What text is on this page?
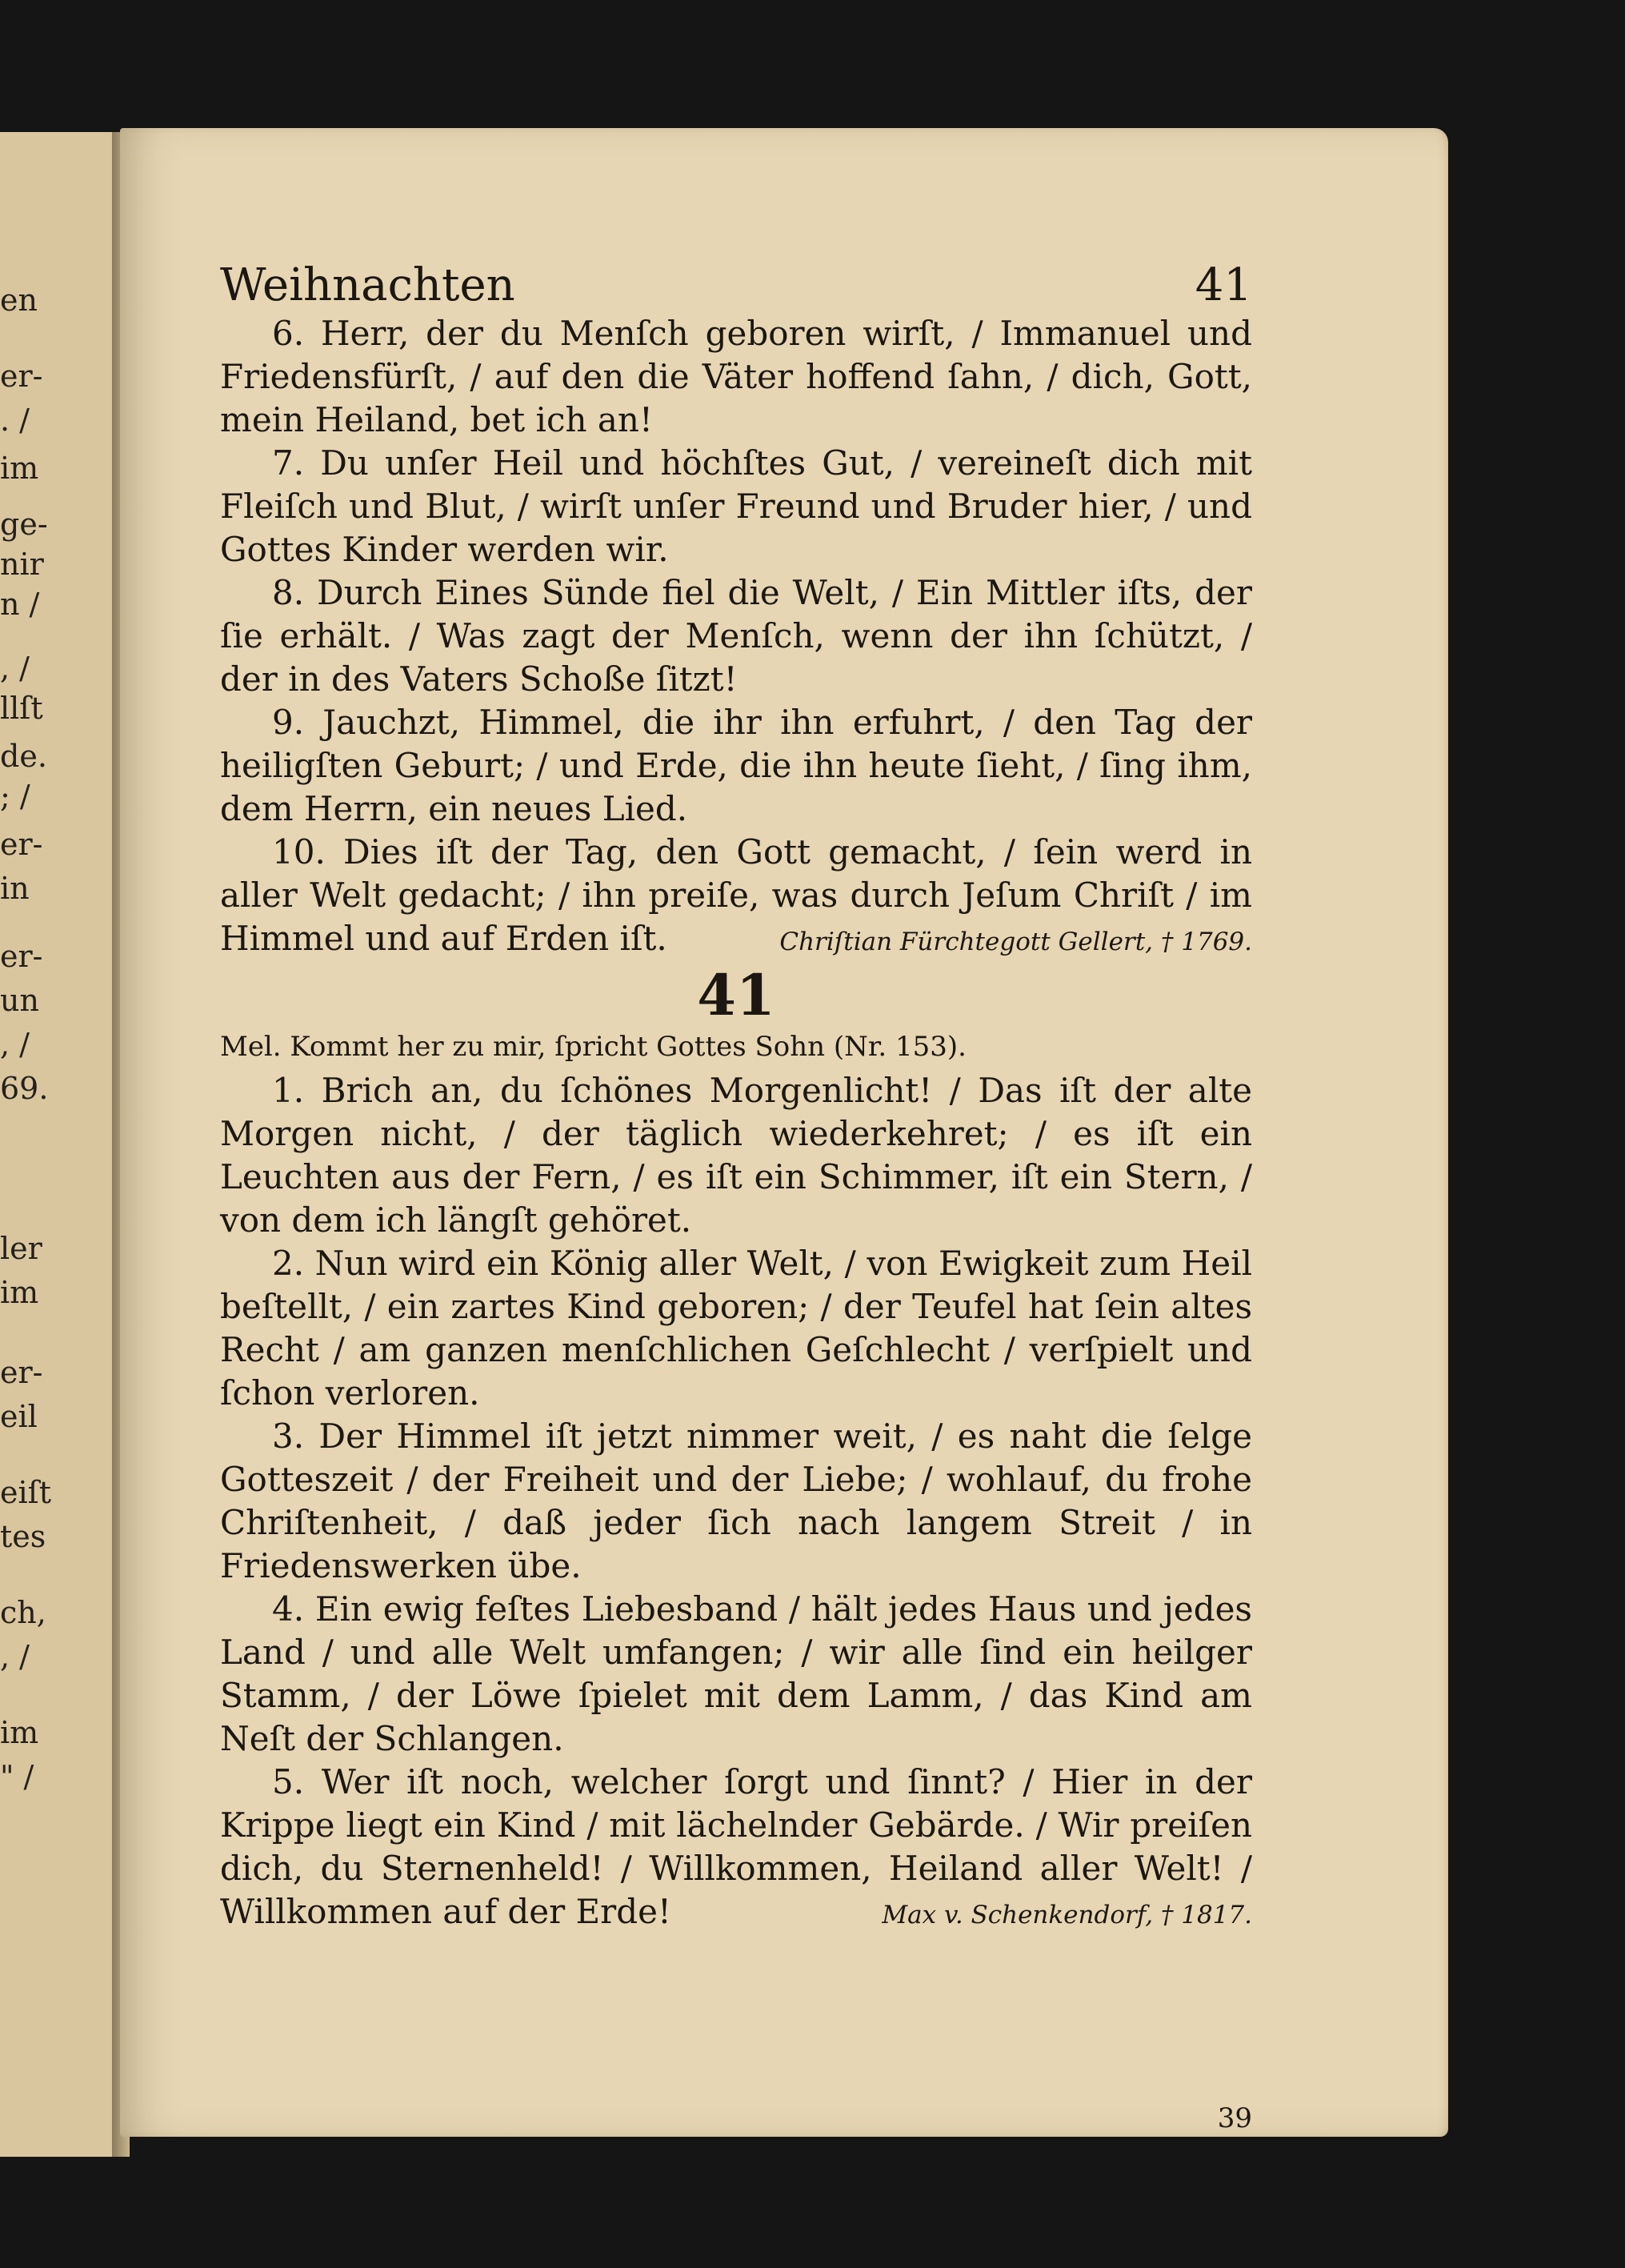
en
er-
. /
im
ge-
nir
n /
, /
llſt
de.
; /
er-
in
er-
un
, /
69.
ler
im
er-
eil
eiſt
tes
ch,
, /
im
" /
Weihnachten	41
6. Herr, der du Menſch geboren wirſt, / Immanuel und Friedensfürſt, / auf den die Väter hoffend ſahn, / dich, Gott, mein Heiland, bet ich an!
7. Du unſer Heil und höchſtes Gut, / vereineſt dich mit Fleiſch und Blut, / wirſt unſer Freund und Bruder hier, / und Gottes Kinder werden wir.
8. Durch Eines Sünde fiel die Welt, / Ein Mittler iſts, der ſie erhält. / Was zagt der Menſch, wenn der ihn ſchützt, / der in des Vaters Schoße ſitzt!
9. Jauchzt, Himmel, die ihr ihn erfuhrt, / den Tag der heiligſten Geburt; / und Erde, die ihn heute ſieht, / ſing ihm, dem Herrn, ein neues Lied.
10. Dies iſt der Tag, den Gott gemacht, / ſein werd in aller Welt gedacht; / ihn preiſe, was durch Jeſum Chriſt / im Himmel und auf Erden iſt.	Chriſtian Fürchtegott Gellert, † 1769.
41
Mel. Kommt her zu mir, ſpricht Gottes Sohn (Nr. 153).
1. Brich an, du ſchönes Morgenlicht! / Das iſt der alte Morgen nicht, / der täglich wiederkehret; / es iſt ein Leuchten aus der Fern, / es iſt ein Schimmer, iſt ein Stern, / von dem ich längſt gehöret.
2. Nun wird ein König aller Welt, / von Ewigkeit zum Heil beſtellt, / ein zartes Kind geboren; / der Teufel hat ſein altes Recht / am ganzen menſchlichen Geſchlecht / verſpielt und ſchon verloren.
3. Der Himmel iſt jetzt nimmer weit, / es naht die ſelge Gotteszeit / der Freiheit und der Liebe; / wohlauf, du frohe Chriſtenheit, / daß jeder ſich nach langem Streit / in Friedenswerken übe.
4. Ein ewig feſtes Liebesband / hält jedes Haus und jedes Land / und alle Welt umfangen; / wir alle ſind ein heilger Stamm, / der Löwe ſpielet mit dem Lamm, / das Kind am Neſt der Schlangen.
5. Wer iſt noch, welcher ſorgt und ſinnt? / Hier in der Krippe liegt ein Kind / mit lächelnder Gebärde. / Wir preiſen dich, du Sternenheld! / Willkommen, Heiland aller Welt! / Willkommen auf der Erde!	Max v. Schenkendorf, † 1817.
39
